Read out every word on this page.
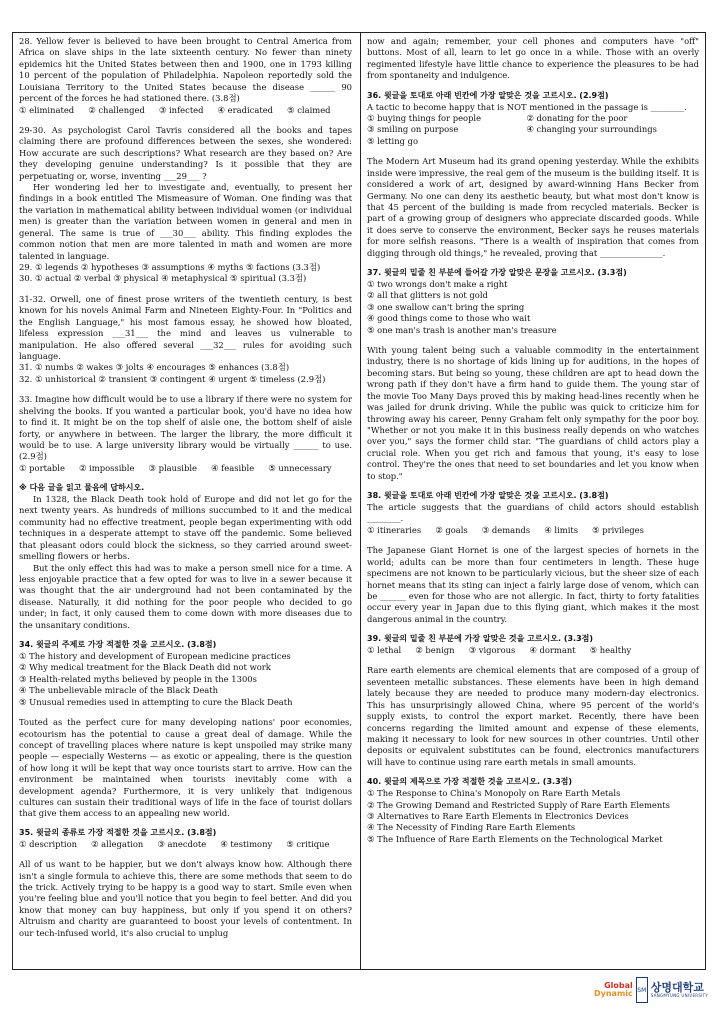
28. Yellow fever is believed to have been brought to Central America from Africa on slave ships in the late sixteenth century. No fewer than ninety epidemics hit the United States between then and 1900, one in 1793 killing 10 percent of the population of Philadelphia. Napoleon reportedly sold the Louisiana Territory to the United States because the disease ______ 90 percent of the forces he had stationed there. (3.8점)

① eliminated ② challenged ③ infected ④ eradicated ⑤ claimed

29-30. As psychologist Carol Tavris considered all the books and tapes claiming there are profound differences between the sexes, she wondered: How accurate are such descriptions? What research are they based on? Are they developing genuine understanding? Is it possible that they are perpetuating or, worse, inventing ___29___ ?

Her wondering led her to investigate and, eventually, to present her findings in a book entitled The Mismeasure of Woman. One finding was that the variation in mathematical ability between individual women (or individual men) is greater than the variation between women in general and men in general. The same is true of ___30___ ability. This finding explodes the common notion that men are more talented in math and women are more talented in language.

29. ① legends ② hypotheses ③ assumptions ④ myths ⑤ factions (3.3점)

30. ① actual ② verbal ③ physical ④ metaphysical ⑤ spiritual (3.3점)

31-32. Orwell, one of finest prose writers of the twentieth century, is best known for his novels Animal Farm and Nineteen Eighty-Four. In "Politics and the English Language," his most famous essay, he showed how bloated, lifeless expression ___31___ the mind and leaves us vulnerable to manipulation. He also offered several ___32___ rules for avoiding such language.

31. ① numbs ② wakes ③ jolts ④ encourages ⑤ enhances (3.8점)

32. ① unhistorical ② transient ③ contingent ④ urgent ⑤ timeless (2.9점)

33. Imagine how difficult would be to use a library if there were no system for shelving the books. If you wanted a particular book, you'd have no idea how to find it. It might be on the top shelf of aisle one, the bottom shelf of aisle forty, or anywhere in between. The larger the library, the more difficult it would be to use. A large university library would be virtually ______ to use. (2.9점)

① portable ② impossible ③ plausible ④ feasible ⑤ unnecessary

※ 다음 글을 읽고 물음에 답하시오.

In 1328, the Black Death took hold of Europe and did not let go for the next twenty years. As hundreds of millions succumbed to it and the medical community had no effective treatment, people began experimenting with odd techniques in a desperate attempt to stave off the pandemic. Some believed that pleasant odors could block the sickness, so they carried around sweet-smelling flowers or herbs.

But the only effect this had was to make a person smell nice for a time. A less enjoyable practice that a few opted for was to live in a sewer because it was thought that the air underground had not been contaminated by the disease. Naturally, it did nothing for the poor people who decided to go under; in fact, it only caused them to come down with more diseases due to the unsanitary conditions.

34. 윗글의 주제로 가장 적절한 것을 고르시오. (3.8점)

① The history and development of European medicine practices
② Why medical treatment for the Black Death did not work
③ Health-related myths believed by people in the 1300s
④ The unbelievable miracle of the Black Death
⑤ Unusual remedies used in attempting to cure the Black Death

Touted as the perfect cure for many developing nations' poor economies, ecotourism has the potential to cause a great deal of damage. While the concept of travelling places where nature is kept unspoiled may strike many people — especially Westerns — as exotic or appealing, there is the question of how long it will be kept that way once tourists start to arrive. How can the environment be maintained when tourists inevitably come with a development agenda? Furthermore, it is very unlikely that indigenous cultures can sustain their traditional ways of life in the face of tourist dollars that give them access to an appealing new world.

35. 윗글의 종류로 가장 적절한 것을 고르시오. (3.8점)

① description ② allegation ③ anecdote ④ testimony ⑤ critique

All of us want to be happier, but we don't always know how. Although there isn't a single formula to achieve this, there are some methods that seem to do the trick. Actively trying to be happy is a good way to start. Smile even when you're feeling blue and you'll notice that you begin to feel better. And did you know that money can buy happiness, but only if you spend it on others? Altruism and charity are guaranteed to boost your levels of contentment. In our tech-infused world, it's also crucial to unplug

now and again; remember, your cell phones and computers have "off" buttons. Most of all, learn to let go once in a while. Those with an overly regimented lifestyle have little chance to experience the pleasures to be had from spontaneity and indulgence.

36. 윗글을 토대로 아래 빈칸에 가장 알맞은 것을 고르시오. (2.9점)

A tactic to become happy that is NOT mentioned in the passage is ________.

① buying things for people	② donating for the poor
③ smiling on purpose	④ changing your surroundings
⑤ letting go

The Modern Art Museum had its grand opening yesterday. While the exhibits inside were impressive, the real gem of the museum is the building itself. It is considered a work of art, designed by award-winning Hans Becker from Germany. No one can deny its aesthetic beauty, but what most don't know is that 45 percent of the building is made from recycled materials. Becker is part of a growing group of designers who appreciate discarded goods. While it does serve to conserve the environment, Becker says he reuses materials for more selfish reasons. "There is a wealth of inspiration that comes from digging through old things," he revealed, proving that _______________.

37. 윗글의 밑줄 친 부분에 들어갈 가장 알맞은 문장을 고르시오. (3.3점)

① two wrongs don't make a right
② all that glitters is not gold
③ one swallow can't bring the spring
④ good things come to those who wait
⑤ one man's trash is another man's treasure

With young talent being such a valuable commodity in the entertainment industry, there is no shortage of kids lining up for auditions, in the hopes of becoming stars. But being so young, these children are apt to head down the wrong path if they don't have a firm hand to guide them. The young star of the movie Too Many Days proved this by making head-lines recently when he was jailed for drunk driving. While the public was quick to criticize him for throwing away his career, Penny Graham felt only sympathy for the poor boy. "Whether or not you make it in this business really depends on who watches over you," says the former child star. "The guardians of child actors play a crucial role. When you get rich and famous that young, it's easy to lose control. They're the ones that need to set boundaries and let you know when to stop."

38. 윗글을 토대로 아래 빈칸에 가장 알맞은 것을 고르시오. (3.8점)

The article suggests that the guardians of child actors should establish ________.

① itineraries ② goals ③ demands ④ limits ⑤ privileges

The Japanese Giant Hornet is one of the largest species of hornets in the world; adults can be more than four centimeters in length. These huge specimens are not known to be particularly vicious, but the sheer size of each hornet means that its sting can inject a fairly large dose of venom, which can be ______ even for those who are not allergic. In fact, thirty to forty fatalities occur every year in Japan due to this flying giant, which makes it the most dangerous animal in the country.

39. 윗글의 밑줄 친 부분에 가장 알맞은 것을 고르시오. (3.3점)

① lethal ② benign ③ vigorous ④ dormant ⑤ healthy

Rare earth elements are chemical elements that are composed of a group of seventeen metallic substances. These elements have been in high demand lately because they are needed to produce many modern-day electronics. This has unsurprisingly allowed China, where 95 percent of the world's supply exists, to control the export market. Recently, there have been concerns regarding the limited amount and expense of these elements, making it necessary to look for new sources in other countries. Until other deposits or equivalent substitutes can be found, electronics manufacturers will have to continue using rare earth metals in small amounts.

40. 윗글의 제목으로 가장 적절한 것을 고르시오. (3.3점)

① The Response to China's Monopoly on Rare Earth Metals
② The Growing Demand and Restricted Supply of Rare Earth Elements
③ Alternatives to Rare Earth Elements in Electronics Devices
④ The Necessity of Finding Rare Earth Elements
⑤ The Influence of Rare Earth Elements on the Technological Market
Global
Dynamic SM 상명대학교
SANGMYUNG UNIVERSITY
